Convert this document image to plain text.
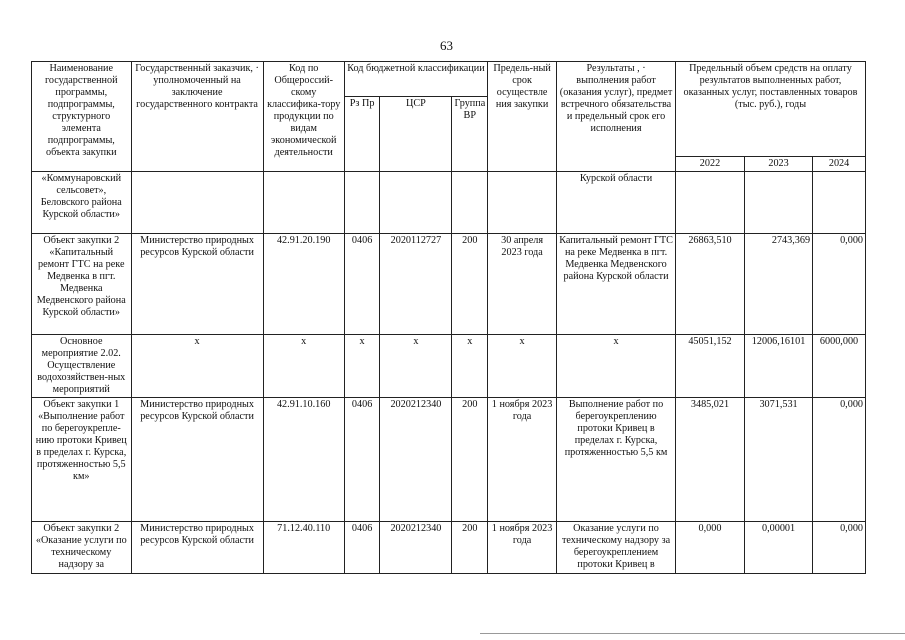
63
Наименование государственной программы, подпрограммы, структурного элемента подпрограммы, объекта закупки	Государственный заказчик, · уполномоченный на заключение государственного контракта	Код по Общероссий-скому классифика-тору продукции по видам экономической деятельности	Код бюджетной классификации			Предель-ный срок осуществле ния закупки	Результаты , · выполнения работ (оказания услуг), предмет встречного обязательства и предельный срок его исполнения	Предельный объем средств на оплату результатов выполненных работ, оказанных услуг, поставленных товаров (тыс. руб.), годы		
			Рз Пр	ЦСР	Группа ВР					
								2022	2023	2024
«Коммунаровский сельсовет», Беловского района Курской области»							Курской области			
Объект закупки 2 «Капитальный ремонт ГТС на реке Медвенка в пгт. Медвенка Медвенского района Курской области»	Министерство природных ресурсов Курской области	42.91.20.190	0406	2020112727	200	30 апреля 2023 года	Капитальный ремонт ГТС на реке Медвенка в пгт. Медвенка Медвенского района Курской области	26863,510	2743,369	0,000
Основное мероприятие 2.02. Осуществление водохозяйствен-ных мероприятий	х	х	х	х	х	х	х	45051,152	12006,16101	6000,000
Объект закупки 1 «Выполнение работ по берегоукрепле-нию протоки Кривец в пределах г. Курска, протяженностью 5,5 км»	Министерство природных ресурсов Курской области	42.91.10.160	0406	2020212340	200	1 ноября 2023 года	Выполнение работ по берегоукреплению протоки Кривец в пределах г. Курска, протяженностью 5,5 км	3485,021	3071,531	0,000
Объект закупки 2 «Оказание услуги по техническому надзору за	Министерство природных ресурсов Курской области	71.12.40.110	0406	2020212340	200	1 ноября 2023 года	Оказание услуги по техническому надзору за берегоукреплением протоки Кривец в	0,000	0,00001	0,000
